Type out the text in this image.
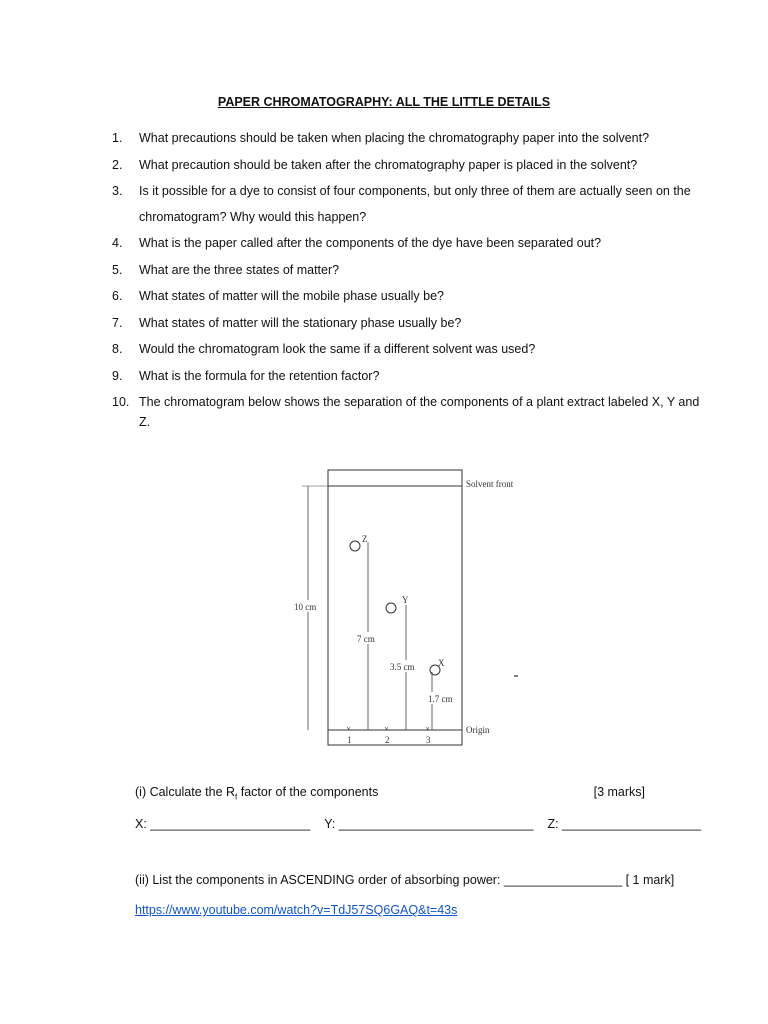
PAPER CHROMATOGRAPHY: ALL THE LITTLE DETAILS
1.	What precautions should be taken when placing the chromatography paper into the solvent?
2.	What precaution should be taken after the chromatography paper is placed in the solvent?
3.	Is it possible for a dye to consist of four components, but only three of them are actually seen on the chromatogram? Why would this happen?
4.	What is the paper called after the components of the dye have been separated out?
5.	What are the three states of matter?
6.	What states of matter will the mobile phase usually be?
7.	What states of matter will the stationary phase usually be?
8.	Would the chromatogram look the same if a different solvent was used?
9.	What is the formula for the retention factor?
10. The chromatogram below shows the separation of the components of a plant extract labeled X, Y and Z.
Solvent front
Origin
10 cm
Z
7 cm
Y
3.5 cm	X
1.7 cm
×	×	×
1	2	3
(i) Calculate the $R_f$ factor of the components	[3 marks]
X: _______________________ Y: ____________________________ Z: ____________________
(ii) List the components in ASCENDING order of absorbing power: _________________ [ 1 mark]
https://www.youtube.com/watch?v=TdJ57SQ6GAQ&t=43s
